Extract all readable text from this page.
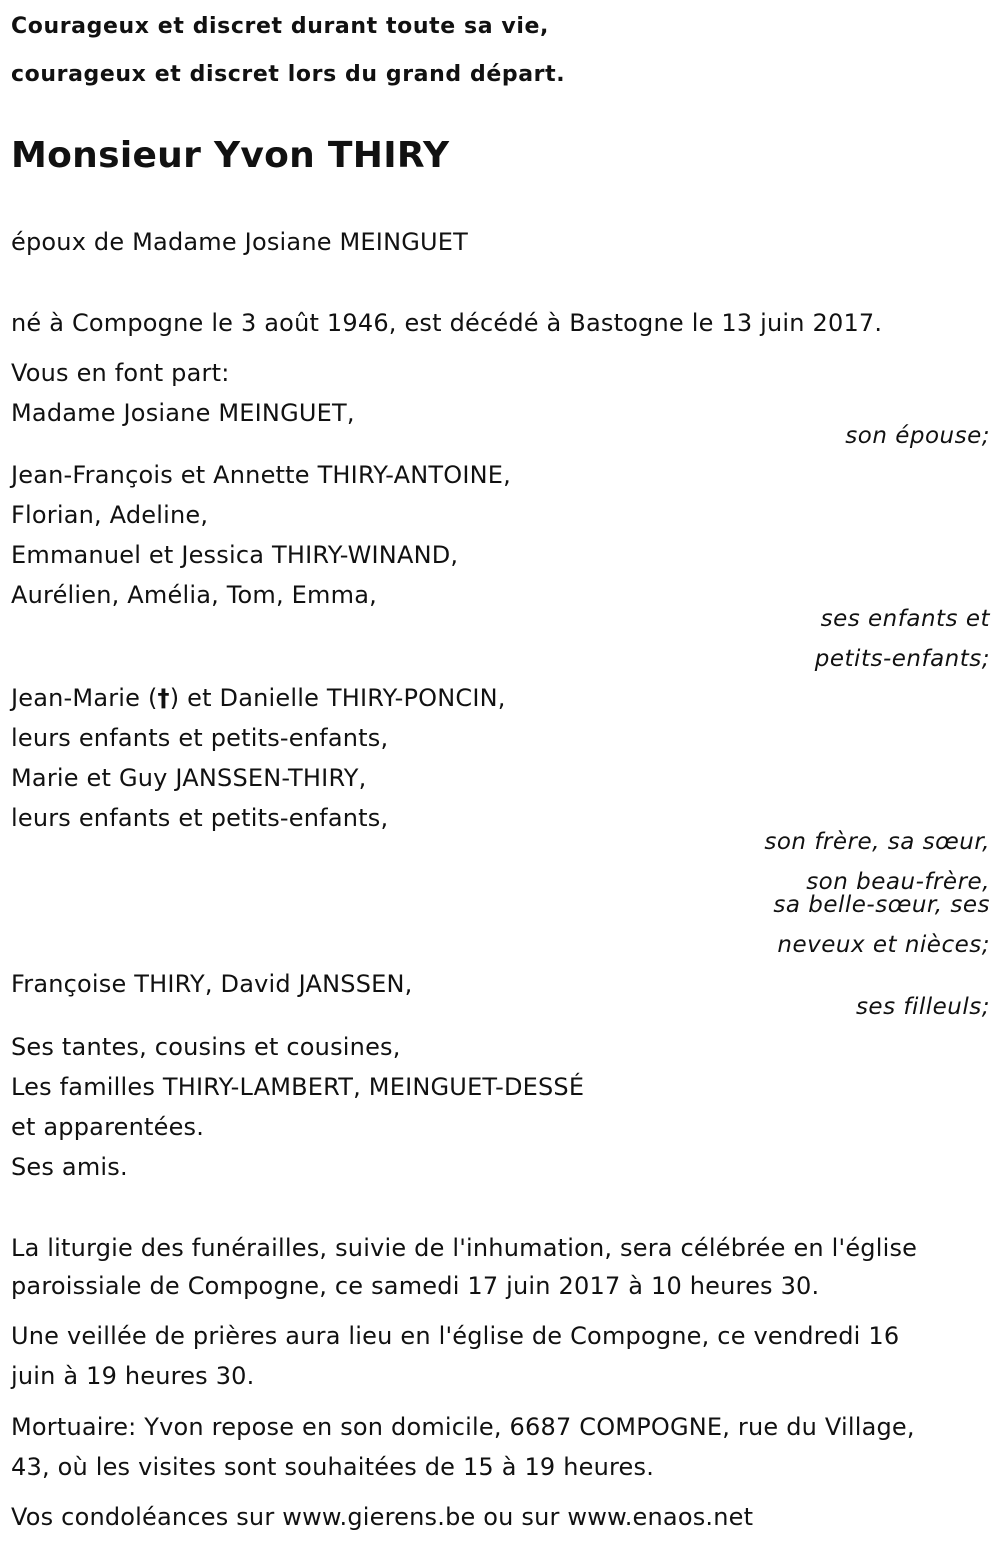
Courageux et discret durant toute sa vie,
courageux et discret lors du grand départ.
Monsieur Yvon THIRY
époux de Madame Josiane MEINGUET
né à Compogne le 3 août 1946, est décédé à Bastogne le 13 juin 2017.
Vous en font part:
Madame Josiane MEINGUET,
son épouse;
Jean-François et Annette THIRY-ANTOINE,
Florian, Adeline,
Emmanuel et Jessica THIRY-WINAND,
Aurélien, Amélia, Tom, Emma,
ses enfants et
petits-enfants;
Jean-Marie (†) et Danielle THIRY-PONCIN,
leurs enfants et petits-enfants,
Marie et Guy JANSSEN-THIRY,
leurs enfants et petits-enfants,
son frère, sa sœur,
son beau-frère,
sa belle-sœur, ses
neveux et nièces;
Françoise THIRY, David JANSSEN,
ses filleuls;
Ses tantes, cousins et cousines,
Les familles THIRY-LAMBERT, MEINGUET-DESSÉ
et apparentées.
Ses amis.
La liturgie des funérailles, suivie de l'inhumation, sera célébrée en l'église
paroissiale de Compogne, ce samedi 17 juin 2017 à 10 heures 30.
Une veillée de prières aura lieu en l'église de Compogne, ce vendredi 16
juin à 19 heures 30.
Mortuaire: Yvon repose en son domicile, 6687 COMPOGNE, rue du Village,
43, où les visites sont souhaitées de 15 à 19 heures.
Vos condoléances sur www.gierens.be ou sur www.enaos.net
